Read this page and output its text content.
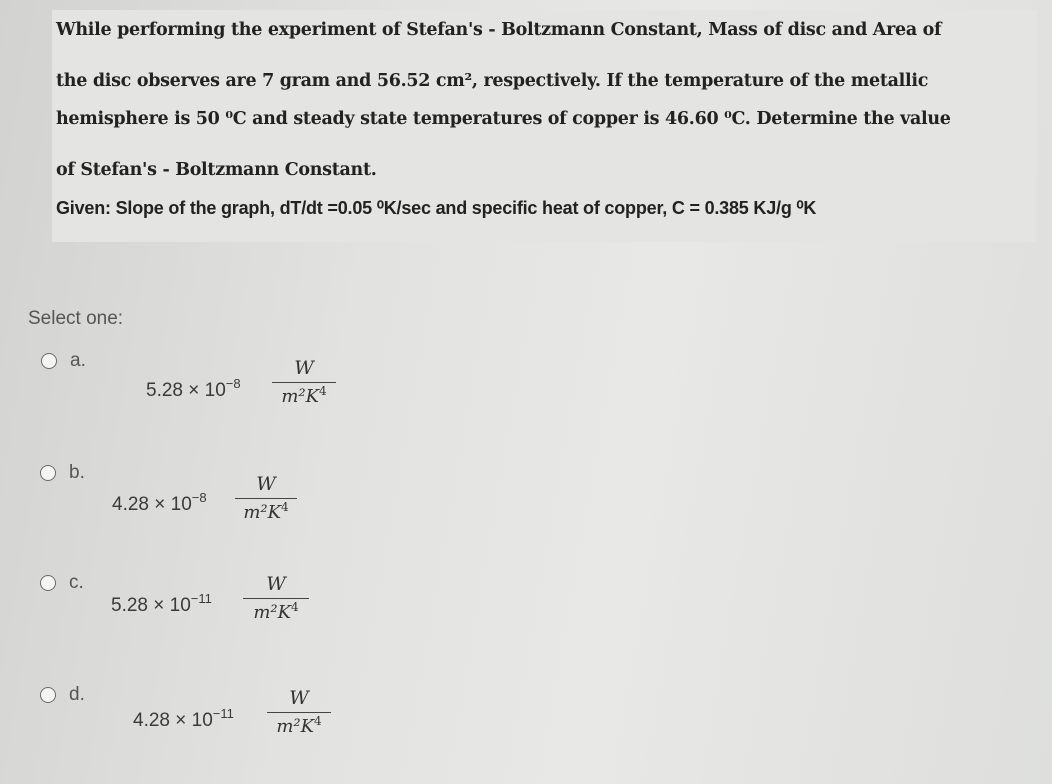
While performing the experiment of Stefan's - Boltzmann Constant, Mass of disc and Area of
the disc observes are 7 gram and 56.52 cm², respectively. If the temperature of the metallic
hemisphere is 50 ⁰C and steady state temperatures of copper is 46.60 ⁰C. Determine the value
of Stefan's - Boltzmann Constant.
Given: Slope of the graph, dT/dt =0.05 ⁰K/sec and specific heat of copper, C = 0.385 KJ/g ⁰K
Select one:
a.
$5.28 \times 10^{-8}$
W
$m^2K^4$
b.
$4.28 \times 10^{-8}$
W
$m^2K^4$
c.
$5.28 \times 10^{-11}$
W
$m^2K^4$
d.
$4.28 \times 10^{-11}$
W
$m^2K^4$
